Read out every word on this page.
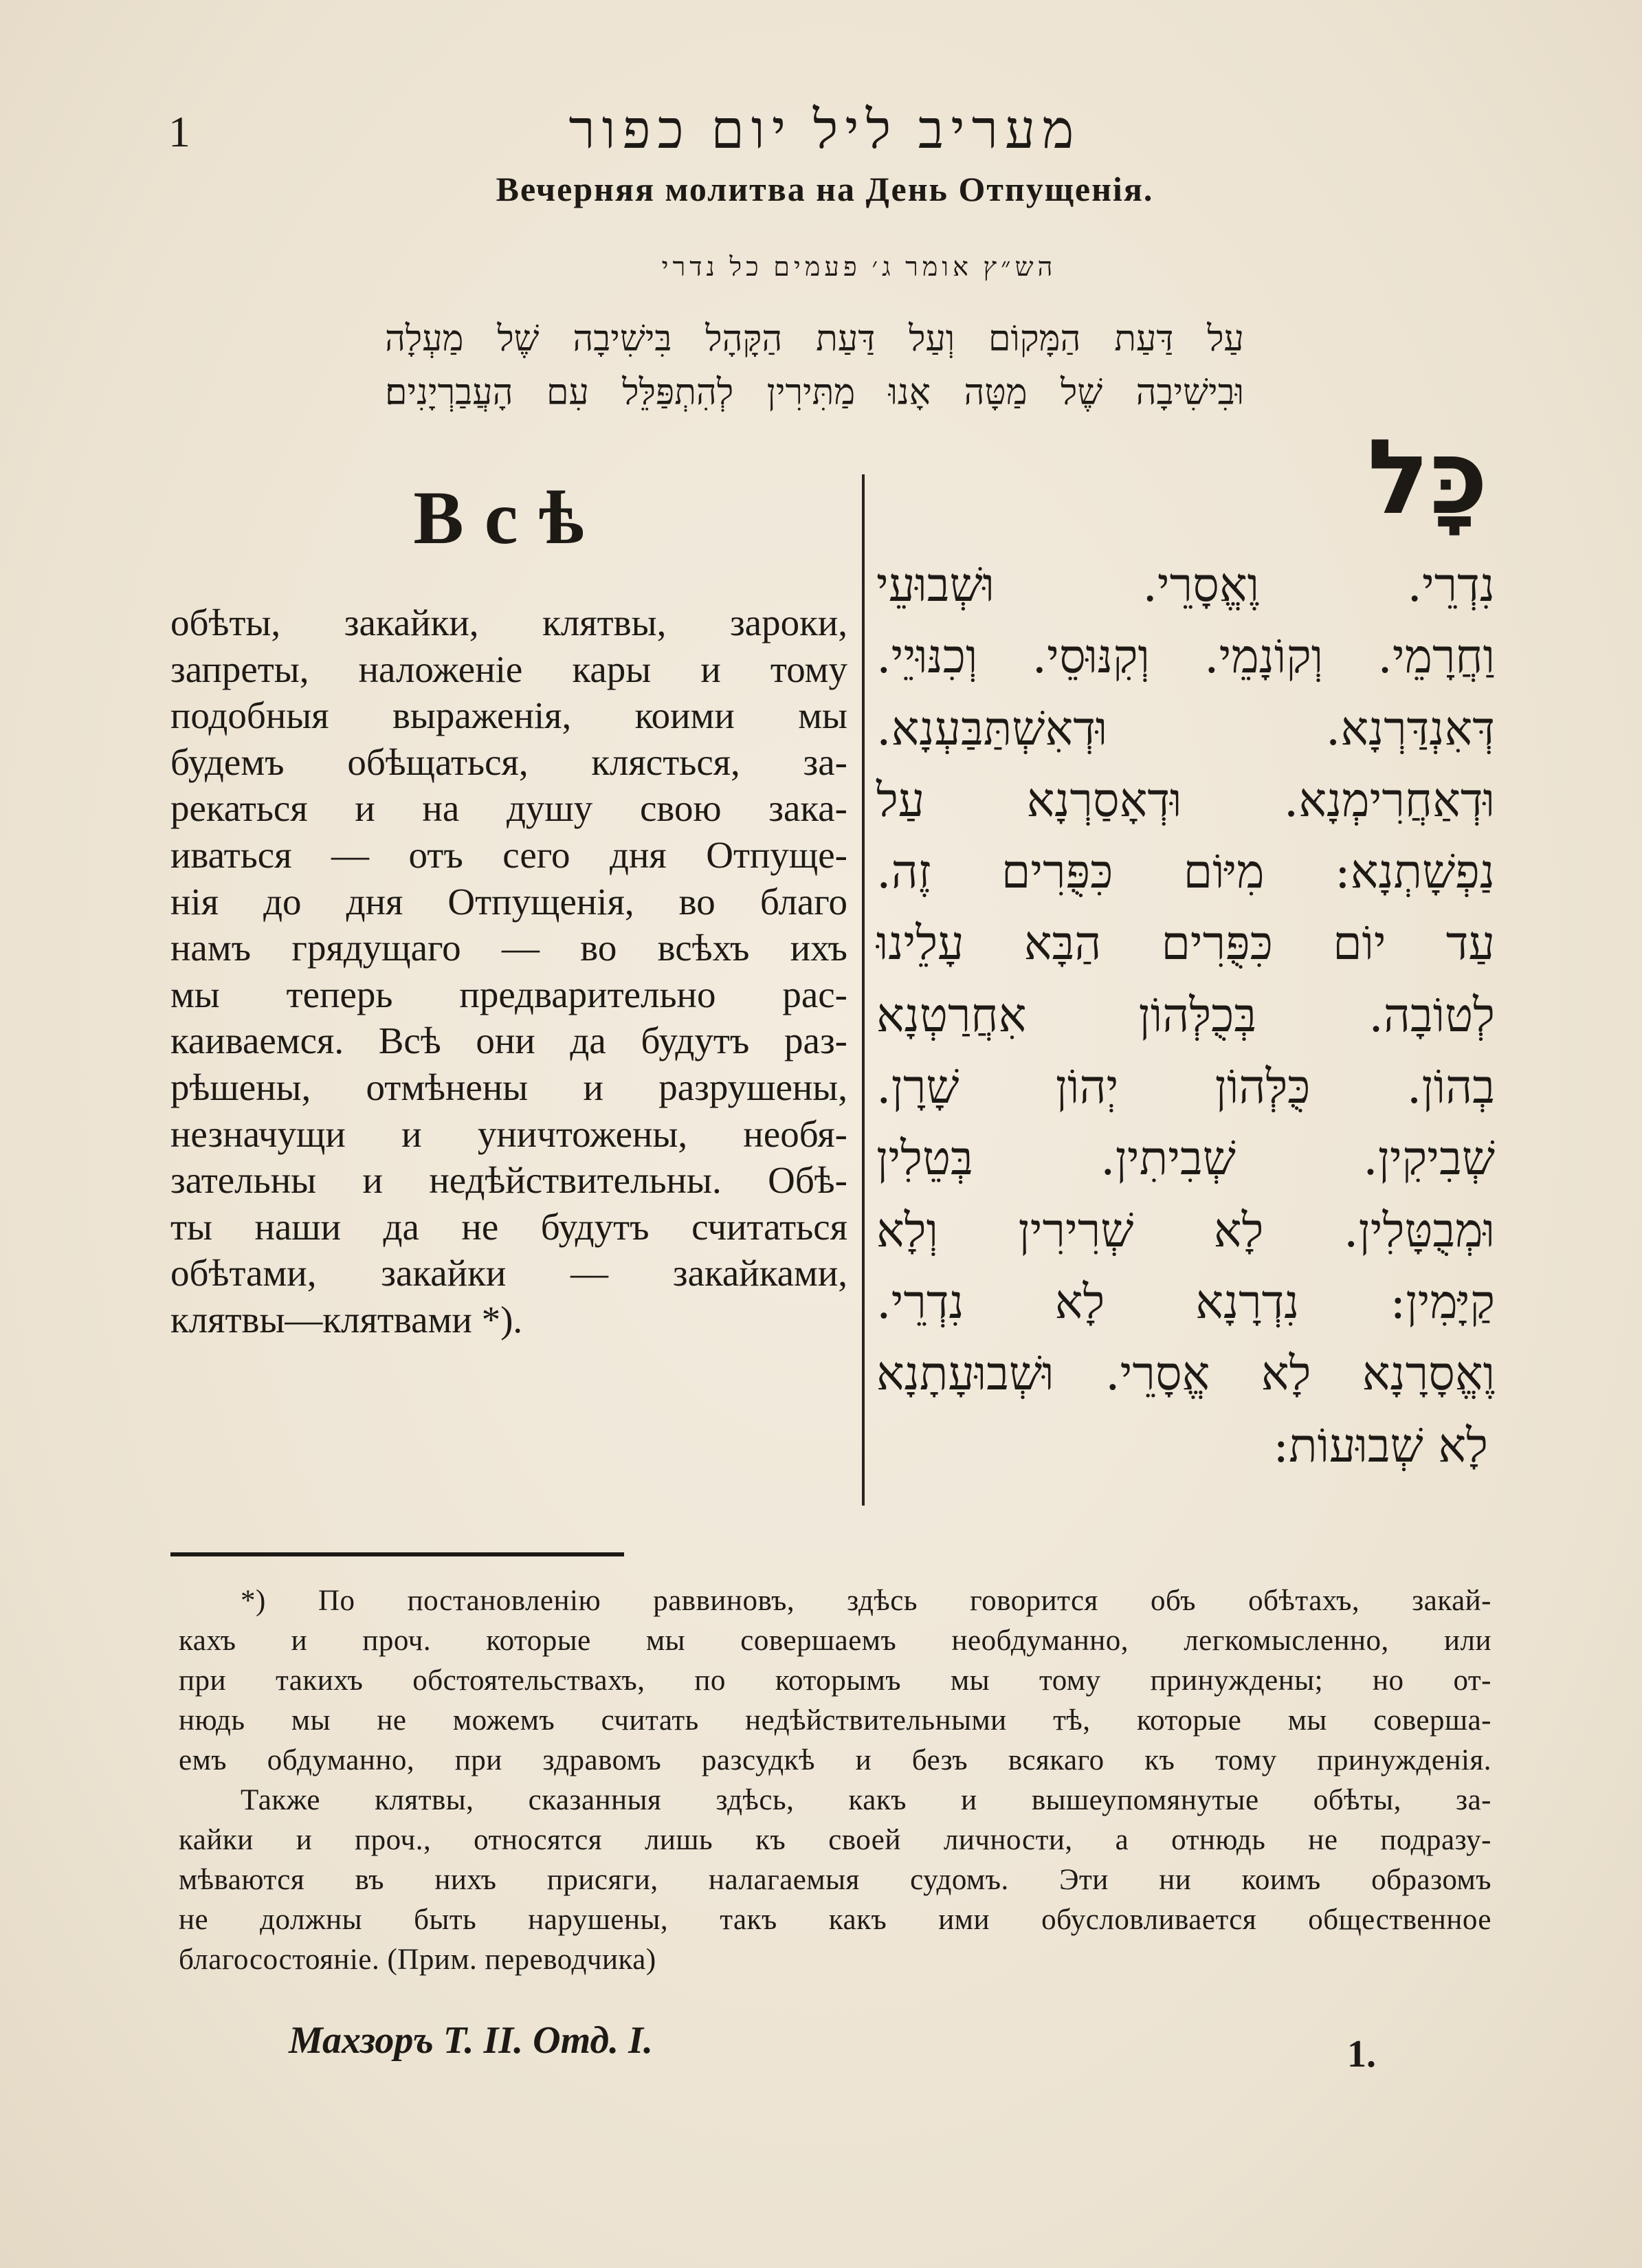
1	מעריב ליל יום כפור
Вечерняя молитва на День Отпущенія.
הש״ץ אומר ג׳ פעמים כל נדרי
עַל דַּעַת הַמָּקוֹם וְעַל דַּעַת הַקָּהָל בִּישִׁיבָה שֶׁל מַעְלָה
וּבִישִׁיבָה שֶׁל מַטָּה אָנוּ מַתִּירִין לְהִתְפַּלֵּל עִם הָעֲבַרְיָנִים׃
Всѣ
обѣты, закайки, клятвы, зароки,
запреты, наложеніе кары и тому
подобныя выраженія, коими мы
будемъ обѣщаться, клясться, за-
рекаться и на душу свою зака-
иваться — отъ сего дня Отпуще-
нія до дня Отпущенія, во благо
намъ грядущаго — во всѣхъ ихъ
мы теперь предварительно рас-
каиваемся. Всѣ они да будутъ раз-
рѣшены, отмѣнены и разрушены,
незначущи и уничтожены, необя-
зательны и недѣйствительны. Обѣ-
ты наши да не будутъ считаться
обѣтами, закайки — закайками,
клятвы—клятвами *).
כָּל
נִדְרֵי. וֶאֱסָרֵי. וּשְׁבוּעֵי
וַחֲרָמֵי. וְקוֹנָמֵי. וְקִנּוּסֵי. וְכִנּוּיֵי.
דְּאִנְדַּרְנָא. וּדְאִשְׁתַּבַּעְנָא.
וּדְאַחֲרִימְנָא. וּדְאָסַרְנָא עַל
נַפְשָׁתְנָא: מִיּוֹם כִּפֻּרִים זֶה.
עַד יוֹם כִּפֻּרִים הַבָּא עָלֵינוּ
לְטוֹבָה. בְּכֻלְּהוֹן אִחֲרַטְנָא
בְהוֹן. כֻּלְּהוֹן יְהוֹן שָׁרָן.
שְׁבִיקִין. שְׁבִיתִין. בְּטֵלִין
וּמְבֻטָּלִין. לָא שְׁרִירִין וְלָא
קַיָּמִין: נִדְרָנָא לָא נִדְרֵי.
וֶאֱסָרָנָא לָא אֱסָרֵי. וּשְׁבוּעָתָנָא
לָא שְׁבוּעוֹת:
*) По постановленію раввиновъ, здѣсь говорится объ обѣтахъ, закай-
кахъ и проч. которые мы совершаемъ необдуманно, легкомысленно, или
при такихъ обстоятельствахъ, по которымъ мы тому принуждены; но от-
нюдь мы не можемъ считать недѣйствительными тѣ, которые мы соверша-
емъ обдуманно, при здравомъ разсудкѣ и безъ всякаго къ тому принужденія.
Также клятвы, сказанныя здѣсь, какъ и вышеупомянутые обѣты, за-
кайки и проч., относятся лишь къ своей личности, а отнюдь не подразу-
мѣваются въ нихъ присяги, налагаемыя судомъ. Эти ни коимъ образомъ
не должны быть нарушены, такъ какъ ими обусловливается общественное
благосостояніе. (Прим. переводчика)
Махзоръ Т. II. Отд. I.	1.
